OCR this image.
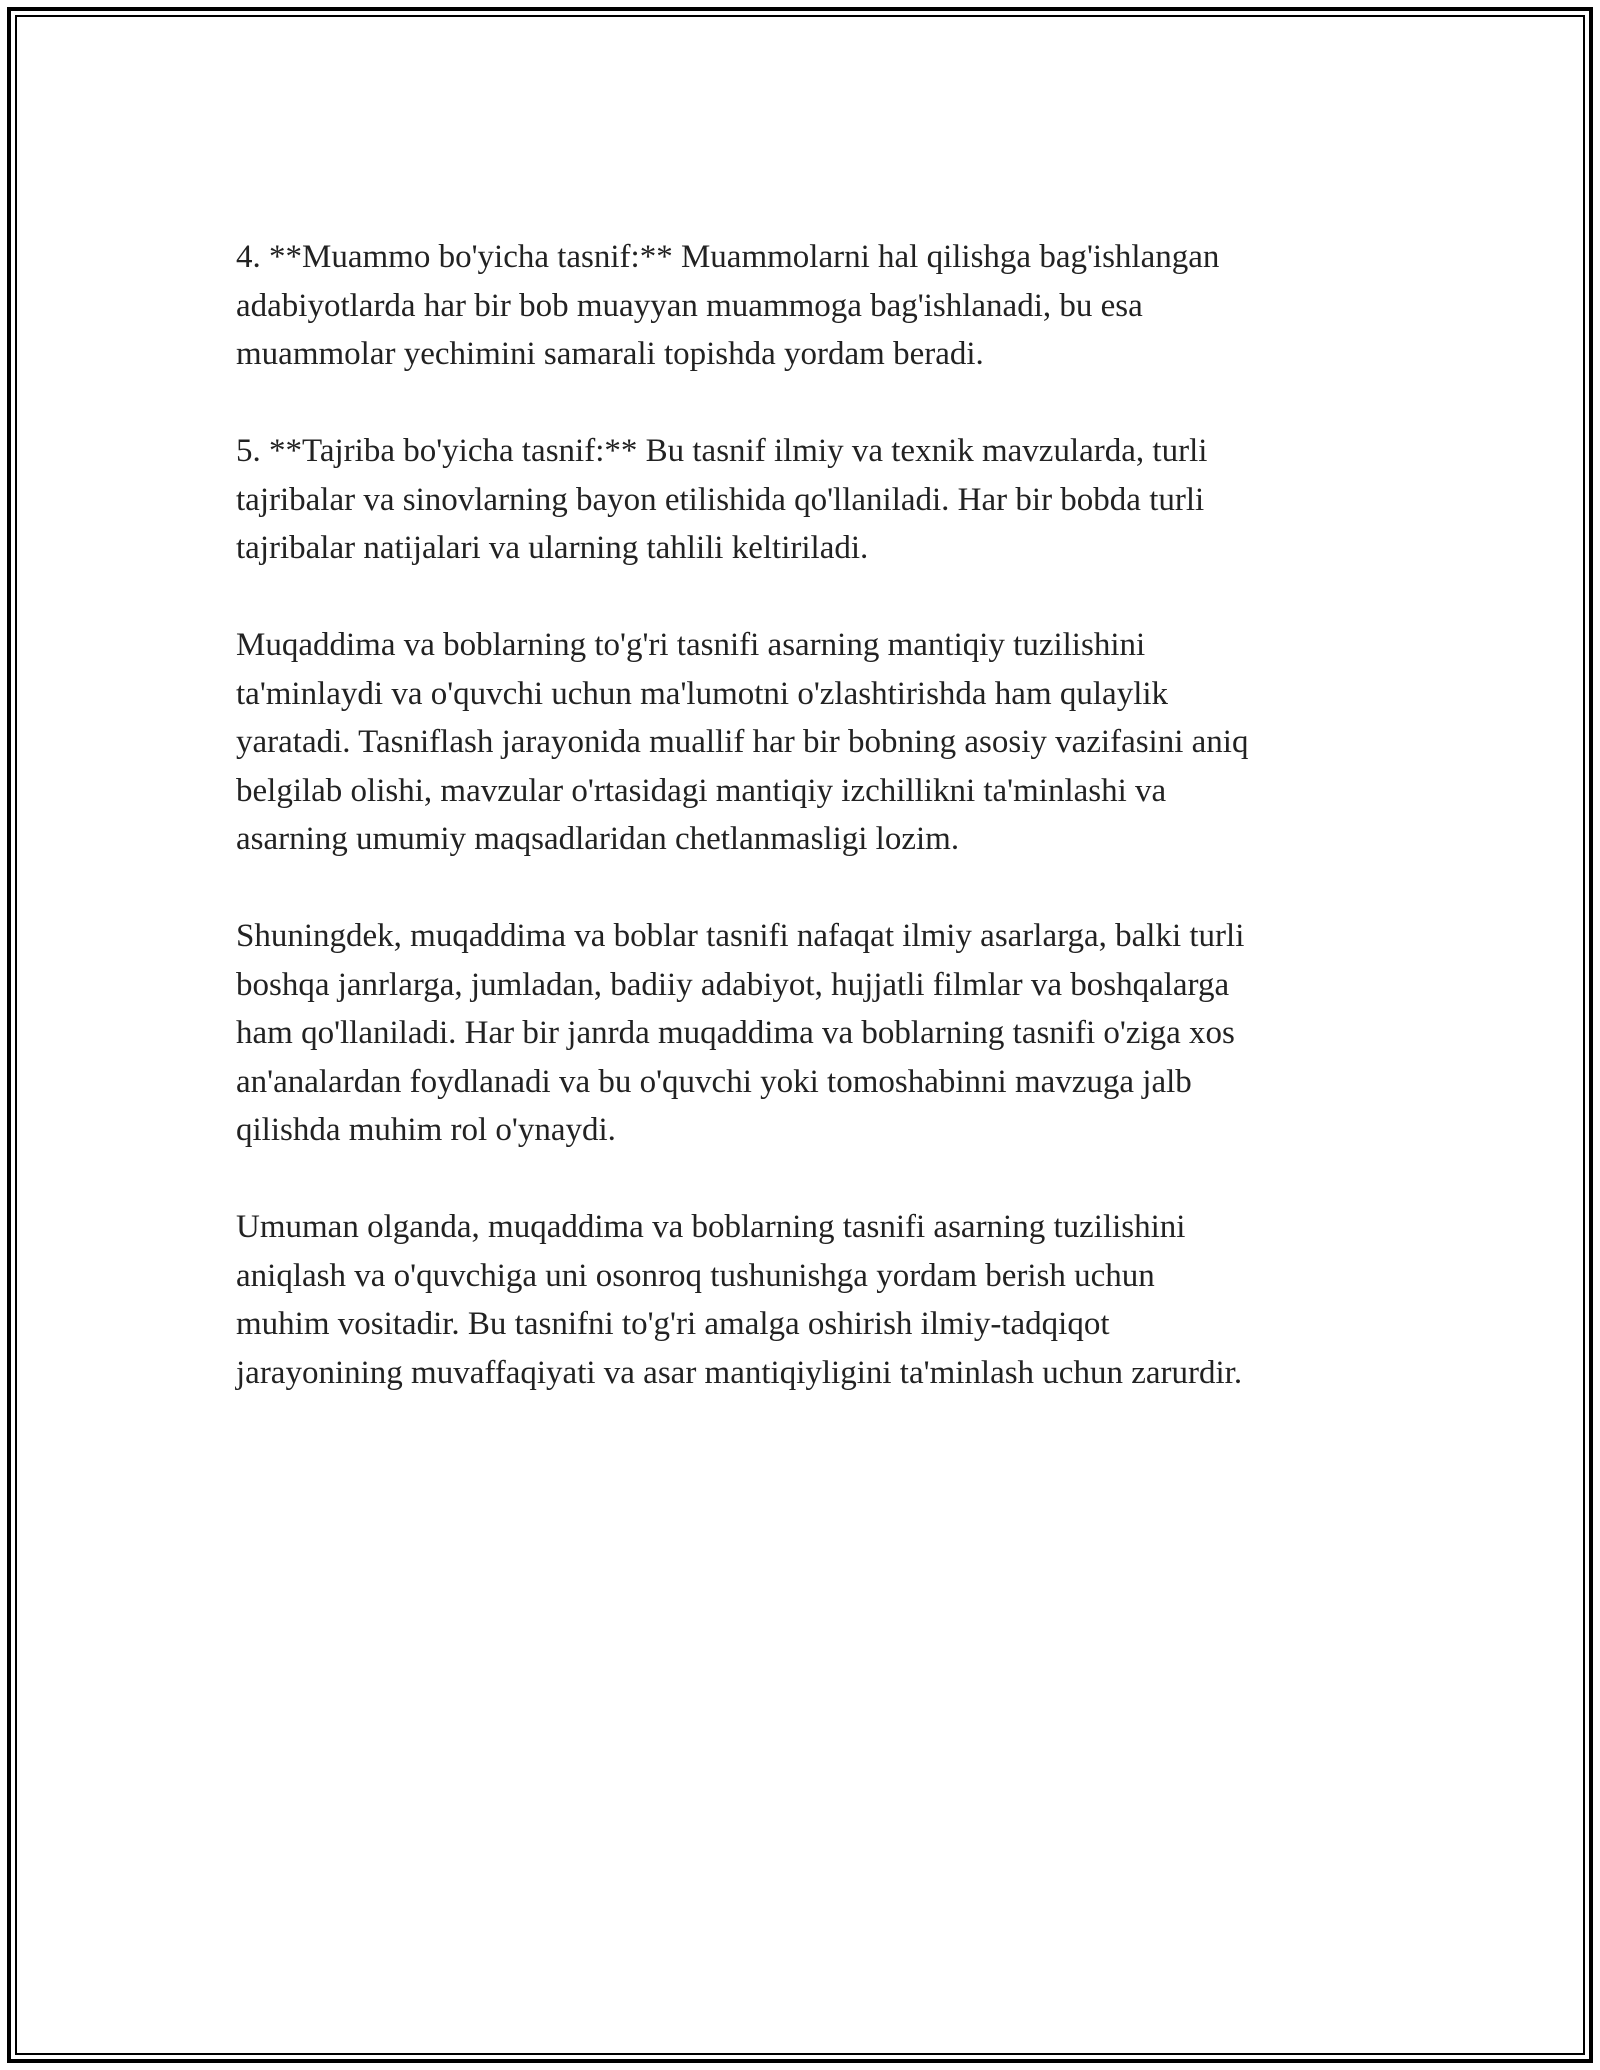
4. **Muammo bo'yicha tasnif:** Muammolarni hal qilishga bag'ishlangan
adabiyotlarda har bir bob muayyan muammoga bag'ishlanadi, bu esa
muammolar yechimini samarali topishda yordam beradi.

5. **Tajriba bo'yicha tasnif:** Bu tasnif ilmiy va texnik mavzularda, turli
tajribalar va sinovlarning bayon etilishida qo'llaniladi. Har bir bobda turli
tajribalar natijalari va ularning tahlili keltiriladi.

Muqaddima va boblarning to'g'ri tasnifi asarning mantiqiy tuzilishini
ta'minlaydi va o'quvchi uchun ma'lumotni o'zlashtirishda ham qulaylik
yaratadi. Tasniflash jarayonida muallif har bir bobning asosiy vazifasini aniq
belgilab olishi, mavzular o'rtasidagi mantiqiy izchillikni ta'minlashi va
asarning umumiy maqsadlaridan chetlanmasligi lozim.

Shuningdek, muqaddima va boblar tasnifi nafaqat ilmiy asarlarga, balki turli
boshqa janrlarga, jumladan, badiiy adabiyot, hujjatli filmlar va boshqalarga
ham qo'llaniladi. Har bir janrda muqaddima va boblarning tasnifi o'ziga xos
an'analardan foydlanadi va bu o'quvchi yoki tomoshabinni mavzuga jalb
qilishda muhim rol o'ynaydi.

Umuman olganda, muqaddima va boblarning tasnifi asarning tuzilishini
aniqlash va o'quvchiga uni osonroq tushunishga yordam berish uchun
muhim vositadir. Bu tasnifni to'g'ri amalga oshirish ilmiy-tadqiqot
jarayonining muvaffaqiyati va asar mantiqiyligini ta'minlash uchun zarurdir.
